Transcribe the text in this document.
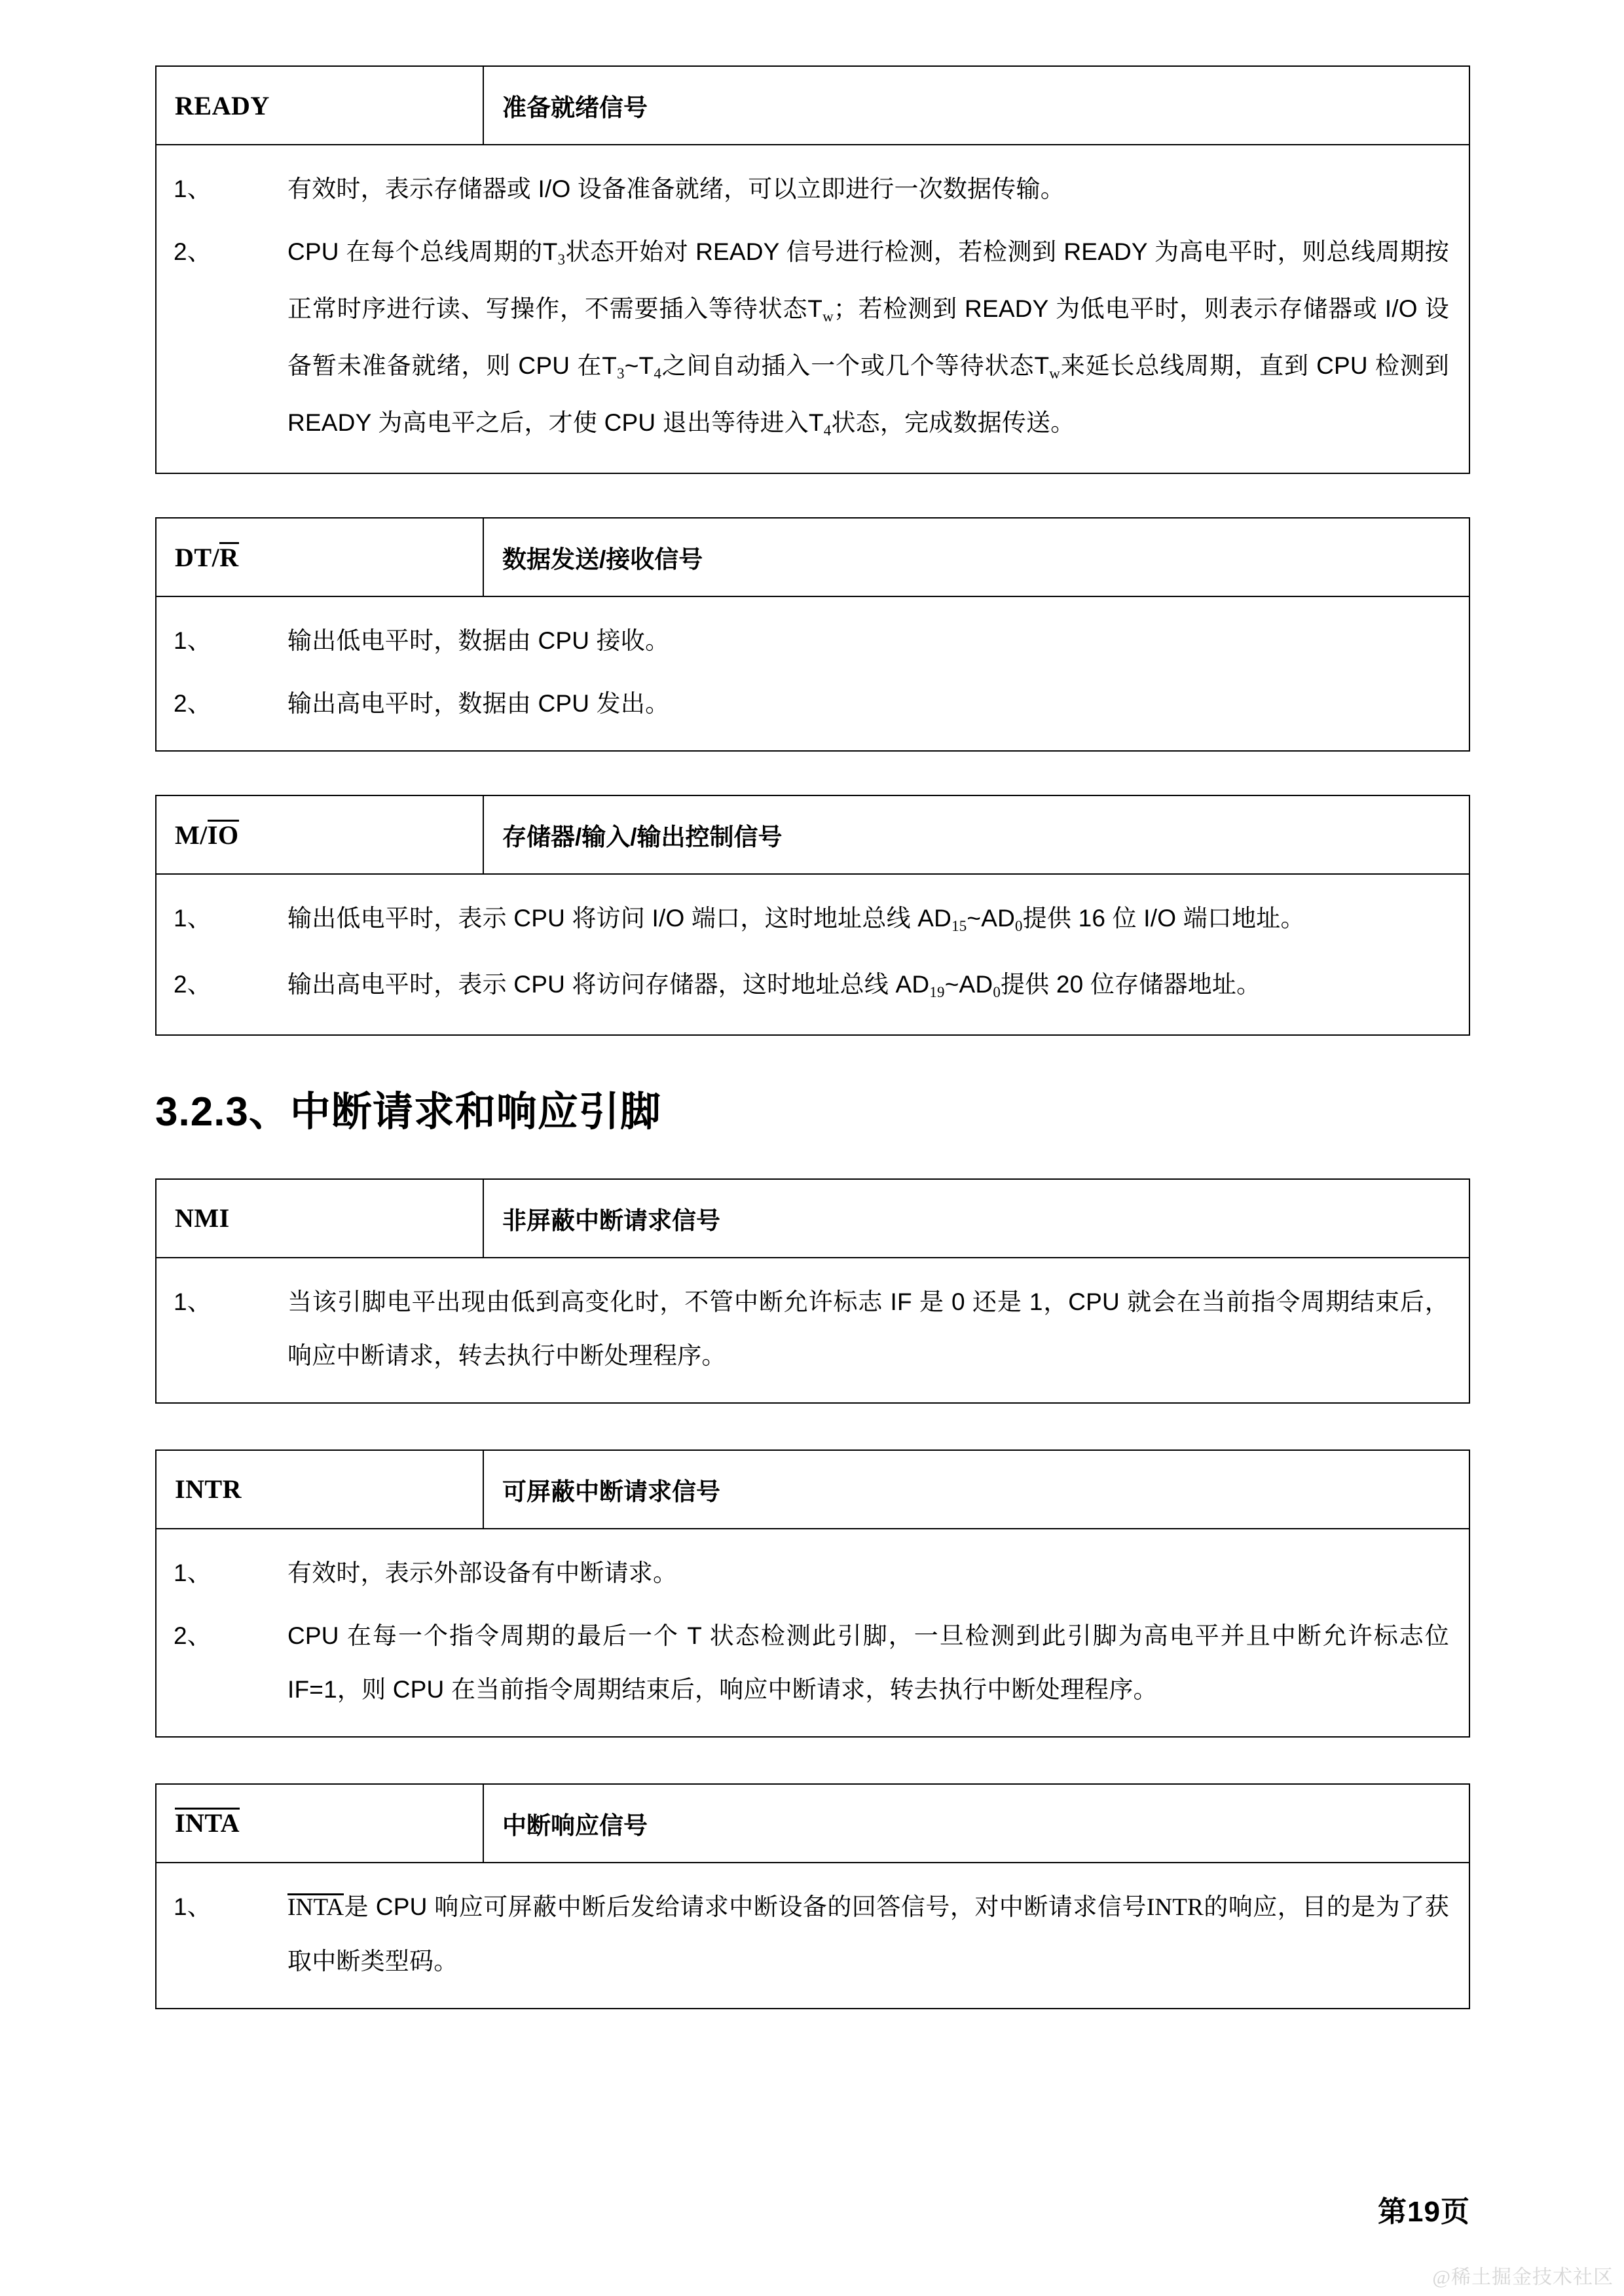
READY	准备就绪信号

1、	有效时，表示存储器或 I/O 设备准备就绪，可以立即进行一次数据传输。
2、	CPU 在每个总线周期的$T_3$状态开始对 READY 信号进行检测，若检测到 READY 为高电平时，则总线周期按正常时序进行读、写操作，不需要插入等待状态$T_w$；若检测到 READY 为低电平时，则表示存储器或 I/O 设备暂未准备就绪，则 CPU 在$T_3\sim T_4$之间自动插入一个或几个等待状态$T_w$来延长总线周期，直到 CPU 检测到 READY 为高电平之后，才使 CPU 退出等待进入$T_4$状态，完成数据传送。
DT/R	数据发送/接收信号

1、	输出低电平时，数据由 CPU 接收。
2、	输出高电平时，数据由 CPU 发出。
M/IO	存储器/输入/输出控制信号

1、	输出低电平时，表示 CPU 将访问 I/O 端口，这时地址总线 $AD_{15}\sim AD_0$提供 16 位 I/O 端口地址。
2、	输出高电平时，表示 CPU 将访问存储器，这时地址总线 $AD_{19}\sim AD_0$提供 20 位存储器地址。
3.2.3、中断请求和响应引脚
NMI	非屏蔽中断请求信号

1、	当该引脚电平出现由低到高变化时，不管中断允许标志 IF 是 0 还是 1，CPU 就会在当前指令周期结束后，响应中断请求，转去执行中断处理程序。
INTR	可屏蔽中断请求信号

1、	有效时，表示外部设备有中断请求。
2、	CPU 在每一个指令周期的最后一个 T 状态检测此引脚，一旦检测到此引脚为高电平并且中断允许标志位 IF=1，则 CPU 在当前指令周期结束后，响应中断请求，转去执行中断处理程序。
INTA	中断响应信号

1、	INTA是 CPU 响应可屏蔽中断后发给请求中断设备的回答信号，对中断请求信号INTR的响应，目的是为了获取中断类型码。
第19页
@稀土掘金技术社区
